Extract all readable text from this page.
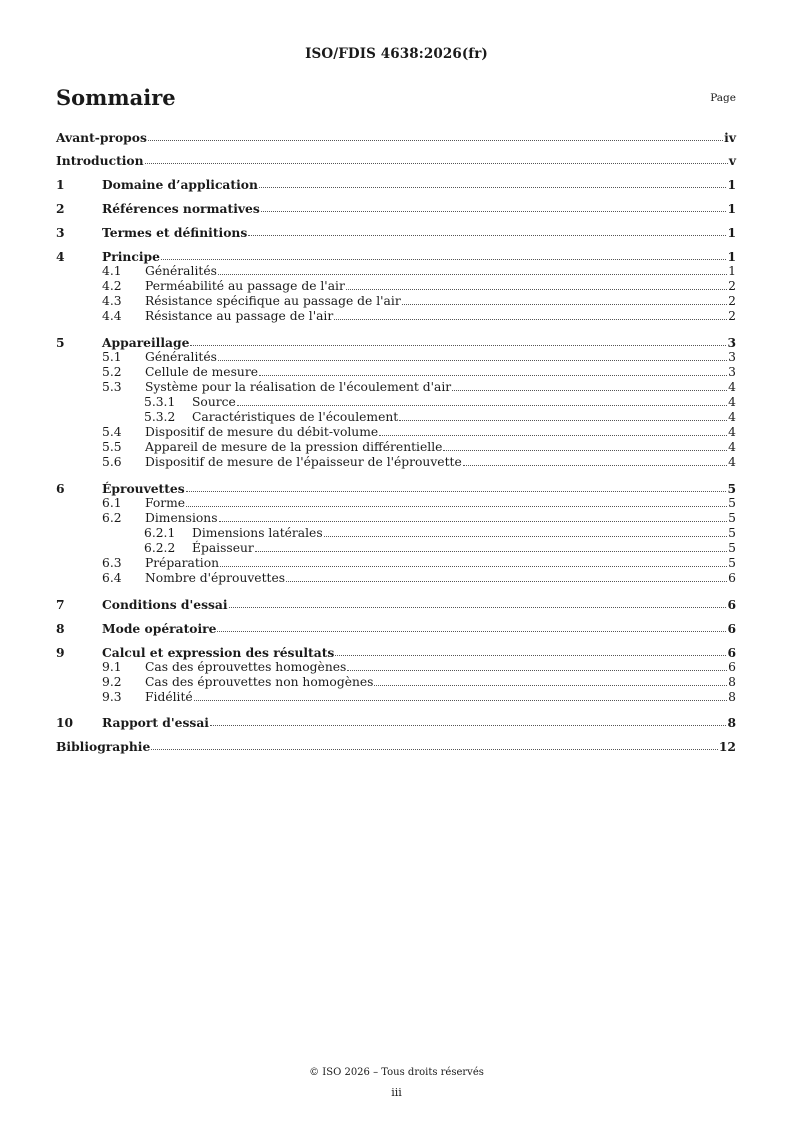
ISO/FDIS 4638:2026(fr)
Sommaire	Page
Avant-propos	iv
Introduction	v
1	Domaine d’application	1
2	Références normatives	1
3	Termes et définitions	1
4	Principe	1
4.1	Généralités	1
4.2	Perméabilité au passage de l'air	2
4.3	Résistance spécifique au passage de l'air	2
4.4	Résistance au passage de l'air	2
5	Appareillage	3
5.1	Généralités	3
5.2	Cellule de mesure	3
5.3	Système pour la réalisation de l'écoulement d'air	4
5.3.1	Source	4
5.3.2	Caractéristiques de l'écoulement	4
5.4	Dispositif de mesure du débit-volume	4
5.5	Appareil de mesure de la pression différentielle	4
5.6	Dispositif de mesure de l'épaisseur de l'éprouvette	4
6	Éprouvettes	5
6.1	Forme	5
6.2	Dimensions	5
6.2.1	Dimensions latérales	5
6.2.2	Épaisseur	5
6.3	Préparation	5
6.4	Nombre d'éprouvettes	6
7	Conditions d'essai	6
8	Mode opératoire	6
9	Calcul et expression des résultats	6
9.1	Cas des éprouvettes homogènes	6
9.2	Cas des éprouvettes non homogènes	8
9.3	Fidélité	8
10	Rapport d'essai	8
Bibliographie	12
© ISO 2026 – Tous droits réservés
iii
